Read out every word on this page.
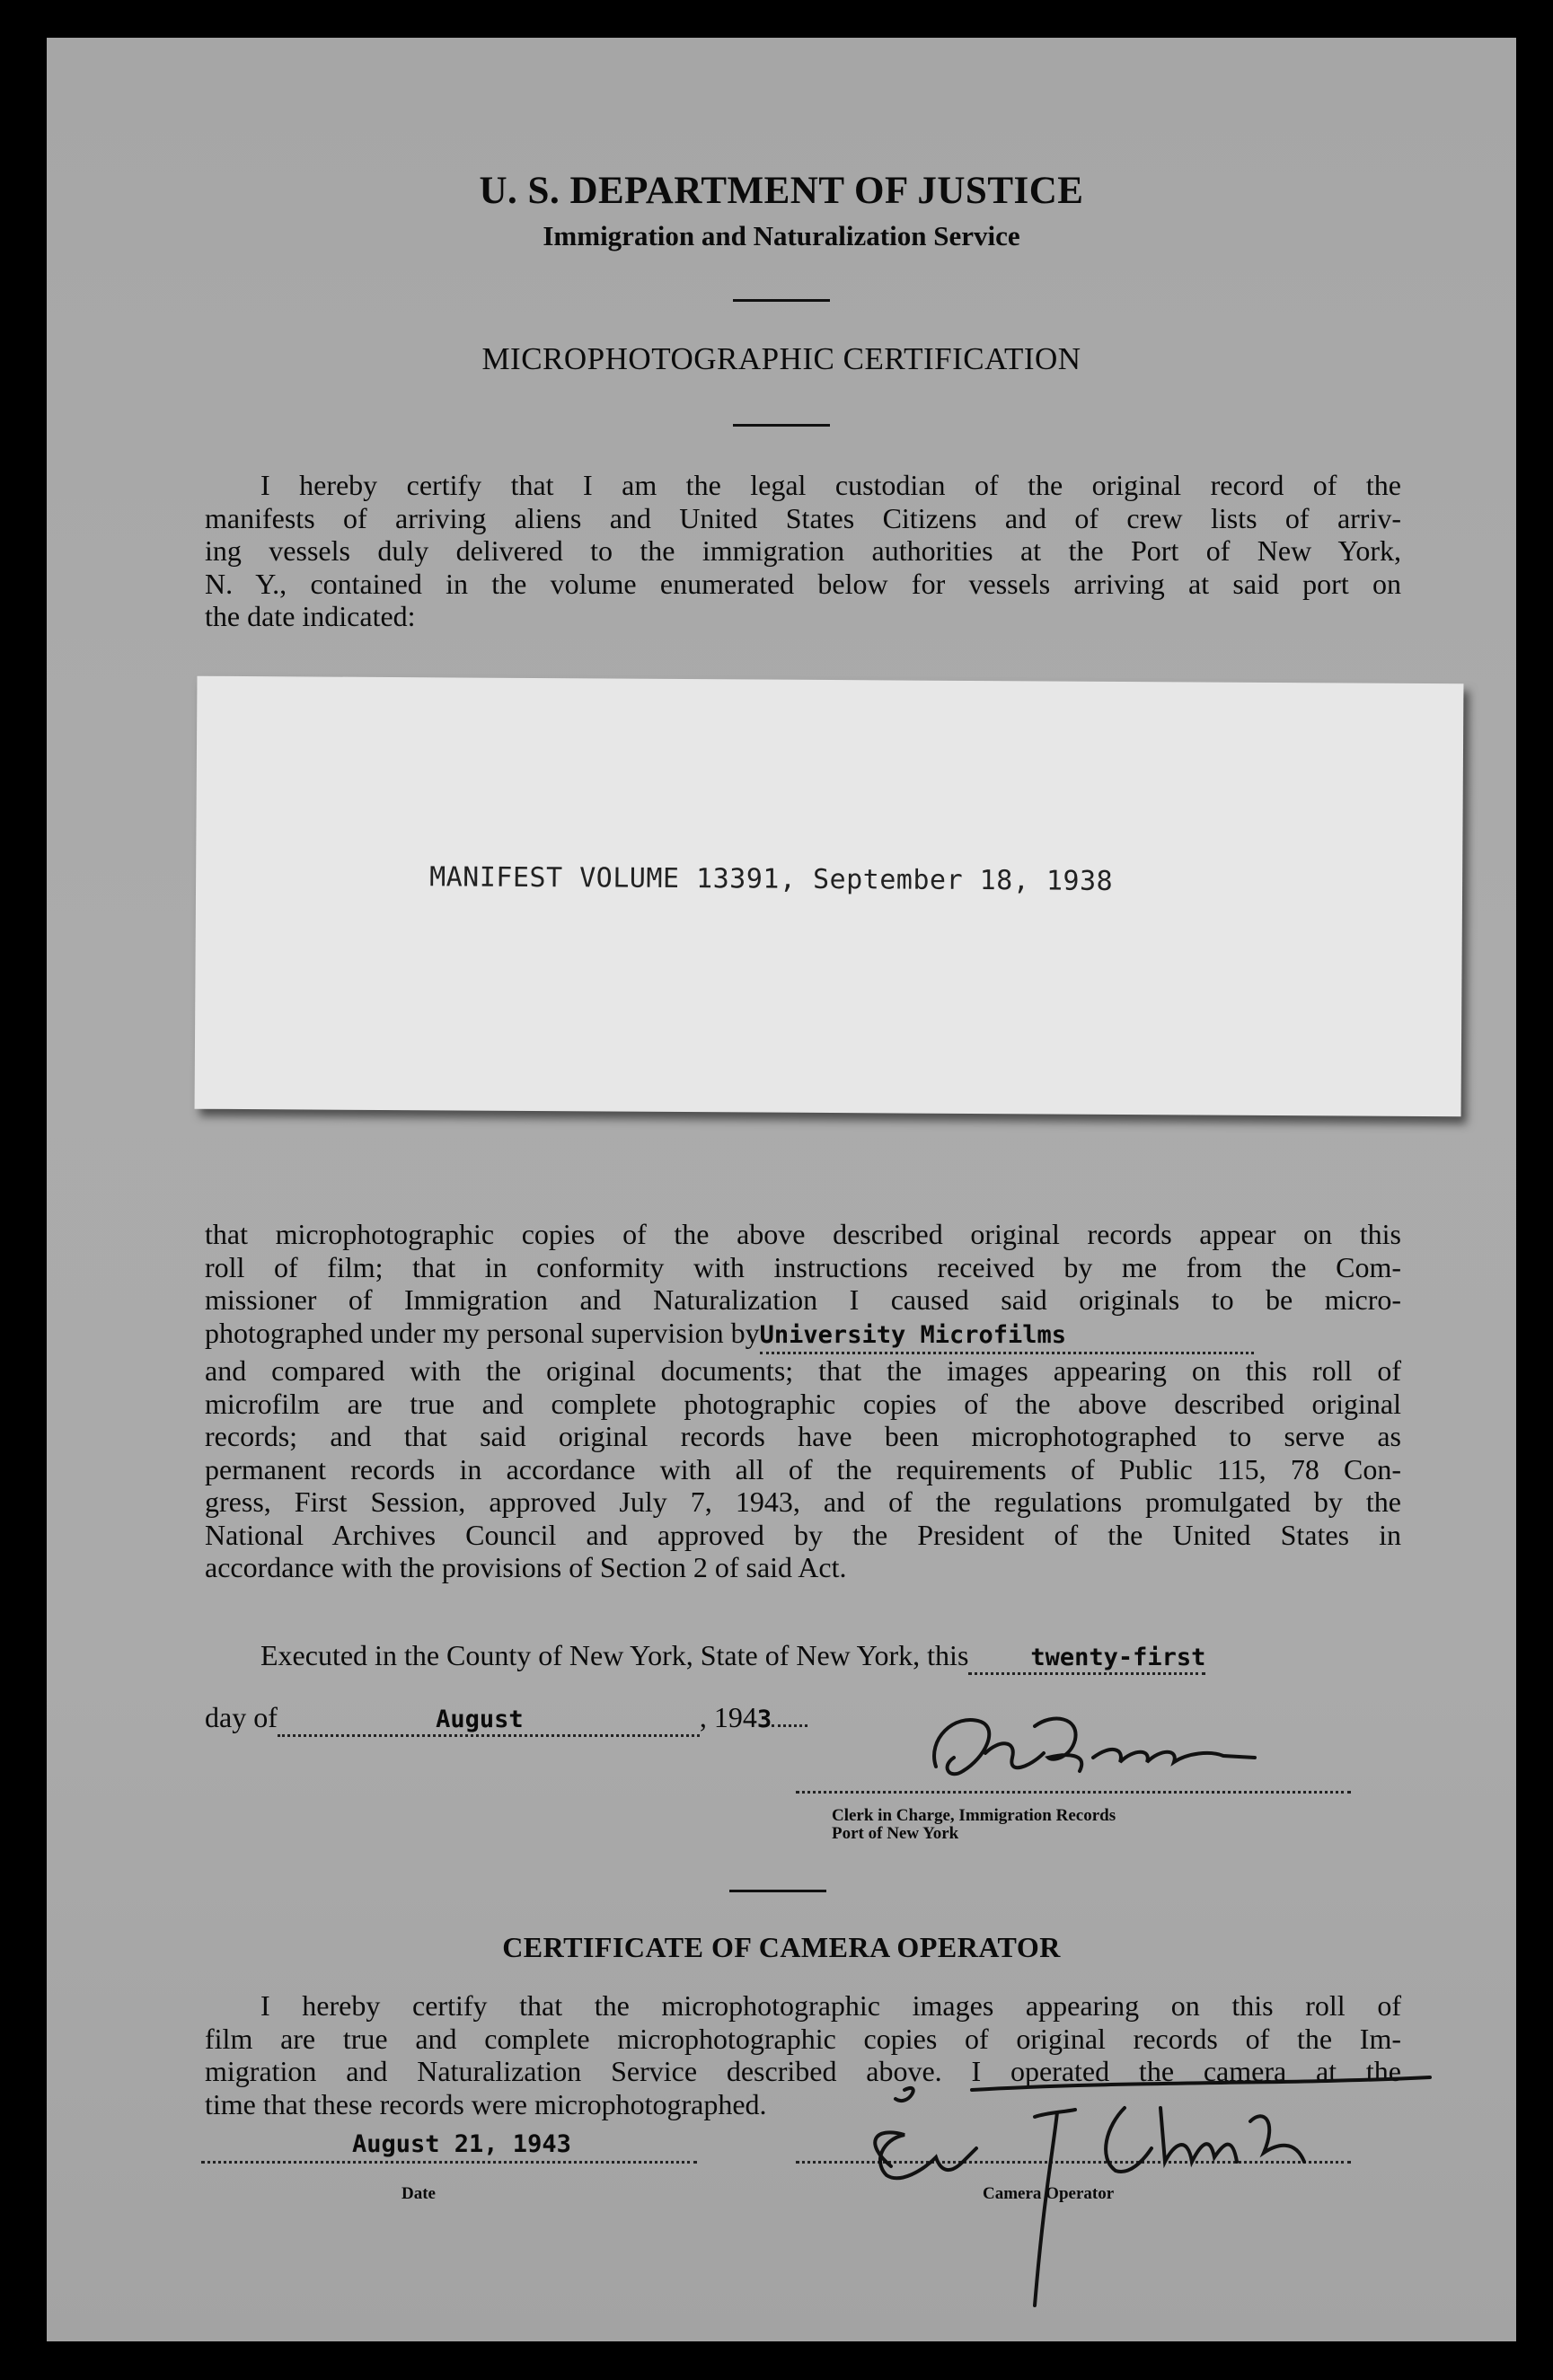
U. S. DEPARTMENT OF JUSTICE
Immigration and Naturalization Service
MICROPHOTOGRAPHIC CERTIFICATION
I hereby certify that I am the legal custodian of the original record of the
manifests of arriving aliens and United States Citizens and of crew lists of arriv-
ing vessels duly delivered to the immigration authorities at the Port of New York,
N. Y., contained in the volume enumerated below for vessels arriving at said port on
the date indicated:
MANIFEST VOLUME 13391, September 18, 1938
that microphotographic copies of the above described original records appear on this
roll of film; that in conformity with instructions received by me from the Com-
missioner of Immigration and Naturalization I caused said originals to be micro-
photographed under my personal supervision byUniversity Microfilms
and compared with the original documents; that the images appearing on this roll of
microfilm are true and complete photographic copies of the above described original
records; and that said original records have been microphotographed to serve as
permanent records in accordance with all of the requirements of Public 115, 78 Con-
gress, First Session, approved July 7, 1943, and of the regulations promulgated by the
National Archives Council and approved by the President of the United States in
accordance with the provisions of Section 2 of said Act.
Executed in the County of New York, State of New York, this	twenty-first
day of	August	, 1943
Clerk in Charge, Immigration Records
Port of New York
CERTIFICATE OF CAMERA OPERATOR
I hereby certify that the microphotographic images appearing on this roll of
film are true and complete microphotographic copies of original records of the Im-
migration and Naturalization Service described above. I operated the camera at the
time that these records were microphotographed.
August 21, 1943
Date	Camera Operator
